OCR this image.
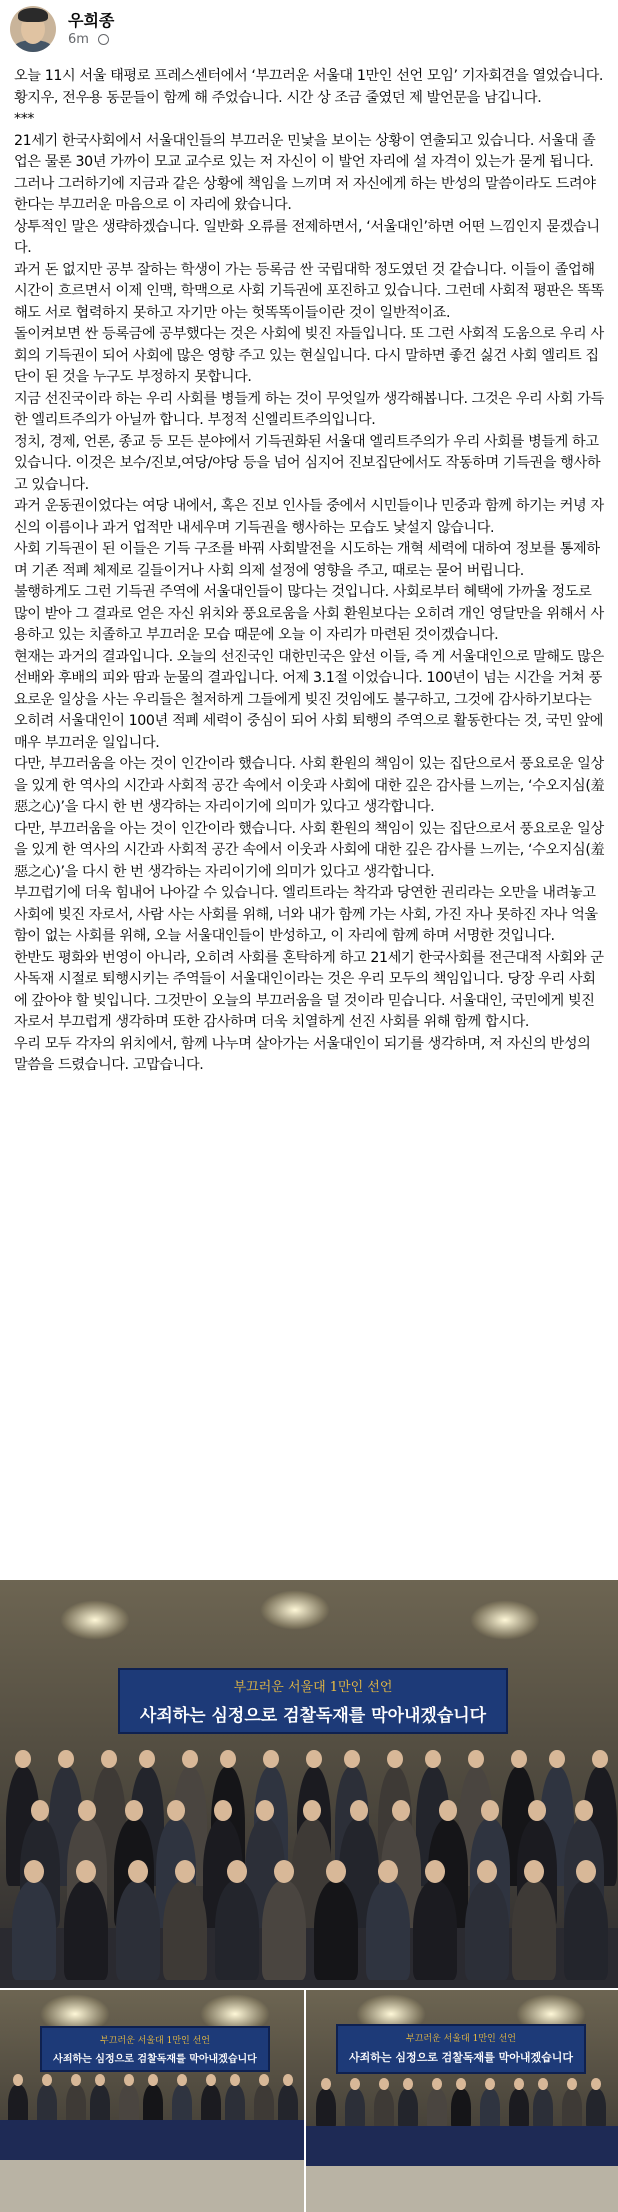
우희종
6m

오늘 11시 서울 태평로 프레스센터에서 ‘부끄러운 서울대 1만인 선언 모임’ 기자회견을 열었습니다. 황지우, 전우용 동문들이 함께 해 주었습니다. 시간 상 조금 줄였던 제 발언문을 남깁니다.

***

21세기 한국사회에서 서울대인들의 부끄러운 민낯을 보이는 상황이 연출되고 있습니다. 서울대 졸업은 물론 30년 가까이 모교 교수로 있는 저 자신이 이 발언 자리에 설 자격이 있는가 묻게 됩니다. 그러나 그러하기에 지금과 같은 상황에 책임을 느끼며 저 자신에게 하는 반성의 말씀이라도 드려야 한다는 부끄러운 마음으로 이 자리에 왔습니다.

상투적인 말은 생략하겠습니다. 일반화 오류를 전제하면서, ‘서울대인’하면 어떤 느낌인지 묻겠습니다.

과거 돈 없지만 공부 잘하는 학생이 가는 등록금 싼 국립대학 정도였던 것 같습니다. 이들이 졸업해 시간이 흐르면서 이제 인맥, 학맥으로 사회 기득권에 포진하고 있습니다. 그런데 사회적 평판은 똑똑해도 서로 협력하지 못하고 자기만 아는 헛똑똑이들이란 것이 일반적이죠.

돌이켜보면 싼 등록금에 공부했다는 것은 사회에 빚진 자들입니다. 또 그런 사회적 도움으로 우리 사회의 기득권이 되어 사회에 많은 영향 주고 있는 현실입니다. 다시 말하면 좋건 싫건 사회 엘리트 집단이 된 것을 누구도 부정하지 못합니다.

지금 선진국이라 하는 우리 사회를 병들게 하는 것이 무엇일까 생각해봅니다. 그것은 우리 사회 가득한 엘리트주의가 아닐까 합니다. 부정적 신엘리트주의입니다.

정치, 경제, 언론, 종교 등 모든 분야에서 기득권화된 서울대 엘리트주의가 우리 사회를 병들게 하고 있습니다. 이것은 보수/진보,여당/야당 등을 넘어 심지어 진보집단에서도 작동하며 기득권을 행사하고 있습니다.

과거 운동권이었다는 여당 내에서, 혹은 진보 인사들 중에서 시민들이나 민중과 함께 하기는 커녕 자신의 이름이나 과거 업적만 내세우며 기득권을 행사하는 모습도 낯설지 않습니다.

사회 기득권이 된 이들은 기득 구조를 바꿔 사회발전을 시도하는 개혁 세력에 대하여 정보를 통제하며 기존 적폐 체제로 길들이거나 사회 의제 설정에 영향을 주고, 때로는 묻어 버립니다.

불행하게도 그런 기득권 주역에 서울대인들이 많다는 것입니다. 사회로부터 혜택에 가까울 정도로 많이 받아 그 결과로 얻은 자신 위치와 풍요로움을 사회 환원보다는 오히려 개인 영달만을 위해서 사용하고 있는 치졸하고 부끄러운 모습 때문에 오늘 이 자리가 마련된 것이겠습니다.

현재는 과거의 결과입니다. 오늘의 선진국인 대한민국은 앞선 이들, 즉 게 서울대인으로 말해도 많은 선배와 후배의 피와 땀과 눈물의 결과입니다. 어제 3.1절 이었습니다. 100년이 넘는 시간을 거쳐 풍요로운 일상을 사는 우리들은 철저하게 그들에게 빚진 것임에도 불구하고, 그것에 감사하기보다는 오히려 서울대인이 100년 적폐 세력이 중심이 되어 사회 퇴행의 주역으로 활동한다는 것, 국민 앞에 매우 부끄러운 일입니다.

다만, 부끄러움을 아는 것이 인간이라 했습니다. 사회 환원의 책임이 있는 집단으로서 풍요로운 일상을 있게 한 역사의 시간과 사회적 공간 속에서 이웃과 사회에 대한 깊은 감사를 느끼는, ‘수오지심(羞惡之心)’을 다시 한 번 생각하는 자리이기에 의미가 있다고 생각합니다.

다만, 부끄러움을 아는 것이 인간이라 했습니다. 사회 환원의 책임이 있는 집단으로서 풍요로운 일상을 있게 한 역사의 시간과 사회적 공간 속에서 이웃과 사회에 대한 깊은 감사를 느끼는, ‘수오지심(羞惡之心)’을 다시 한 번 생각하는 자리이기에 의미가 있다고 생각합니다.

부끄럽기에 더욱 힘내어 나아갈 수 있습니다. 엘리트라는 착각과 당연한 권리라는 오만을 내려놓고 사회에 빚진 자로서, 사람 사는 사회를 위해, 너와 내가 함께 가는 사회, 가진 자나 못하진 자나 억울함이 없는 사회를 위해, 오늘 서울대인들이 반성하고, 이 자리에 함께 하며 서명한 것입니다.

한반도 평화와 번영이 아니라, 오히려 사회를 혼탁하게 하고 21세기 한국사회를 전근대적 사회와 군사독재 시절로 퇴행시키는 주역들이 서울대인이라는 것은 우리 모두의 책임입니다. 당장 우리 사회에 갚아야 할 빚입니다. 그것만이 오늘의 부끄러움을 덜 것이라 믿습니다. 서울대인, 국민에게 빚진 자로서 부끄럽게 생각하며 또한 감사하며 더욱 치열하게 선진 사회를 위해 함께 합시다.

우리 모두 각자의 위치에서, 함께 나누며 살아가는 서울대인이 되기를 생각하며, 저 자신의 반성의 말씀을 드렸습니다. 고맙습니다.

부끄러운 서울대 1만인 선언
사죄하는 심정으로 검찰독재를 막아내겠습니다
부끄러운 서울대 1만인 선언
사죄하는 심정으로 검찰독재를 막아내겠습니다
부끄러운 서울대 1만인 선언
사죄하는 심정으로 검찰독재를 막아내겠습니다
